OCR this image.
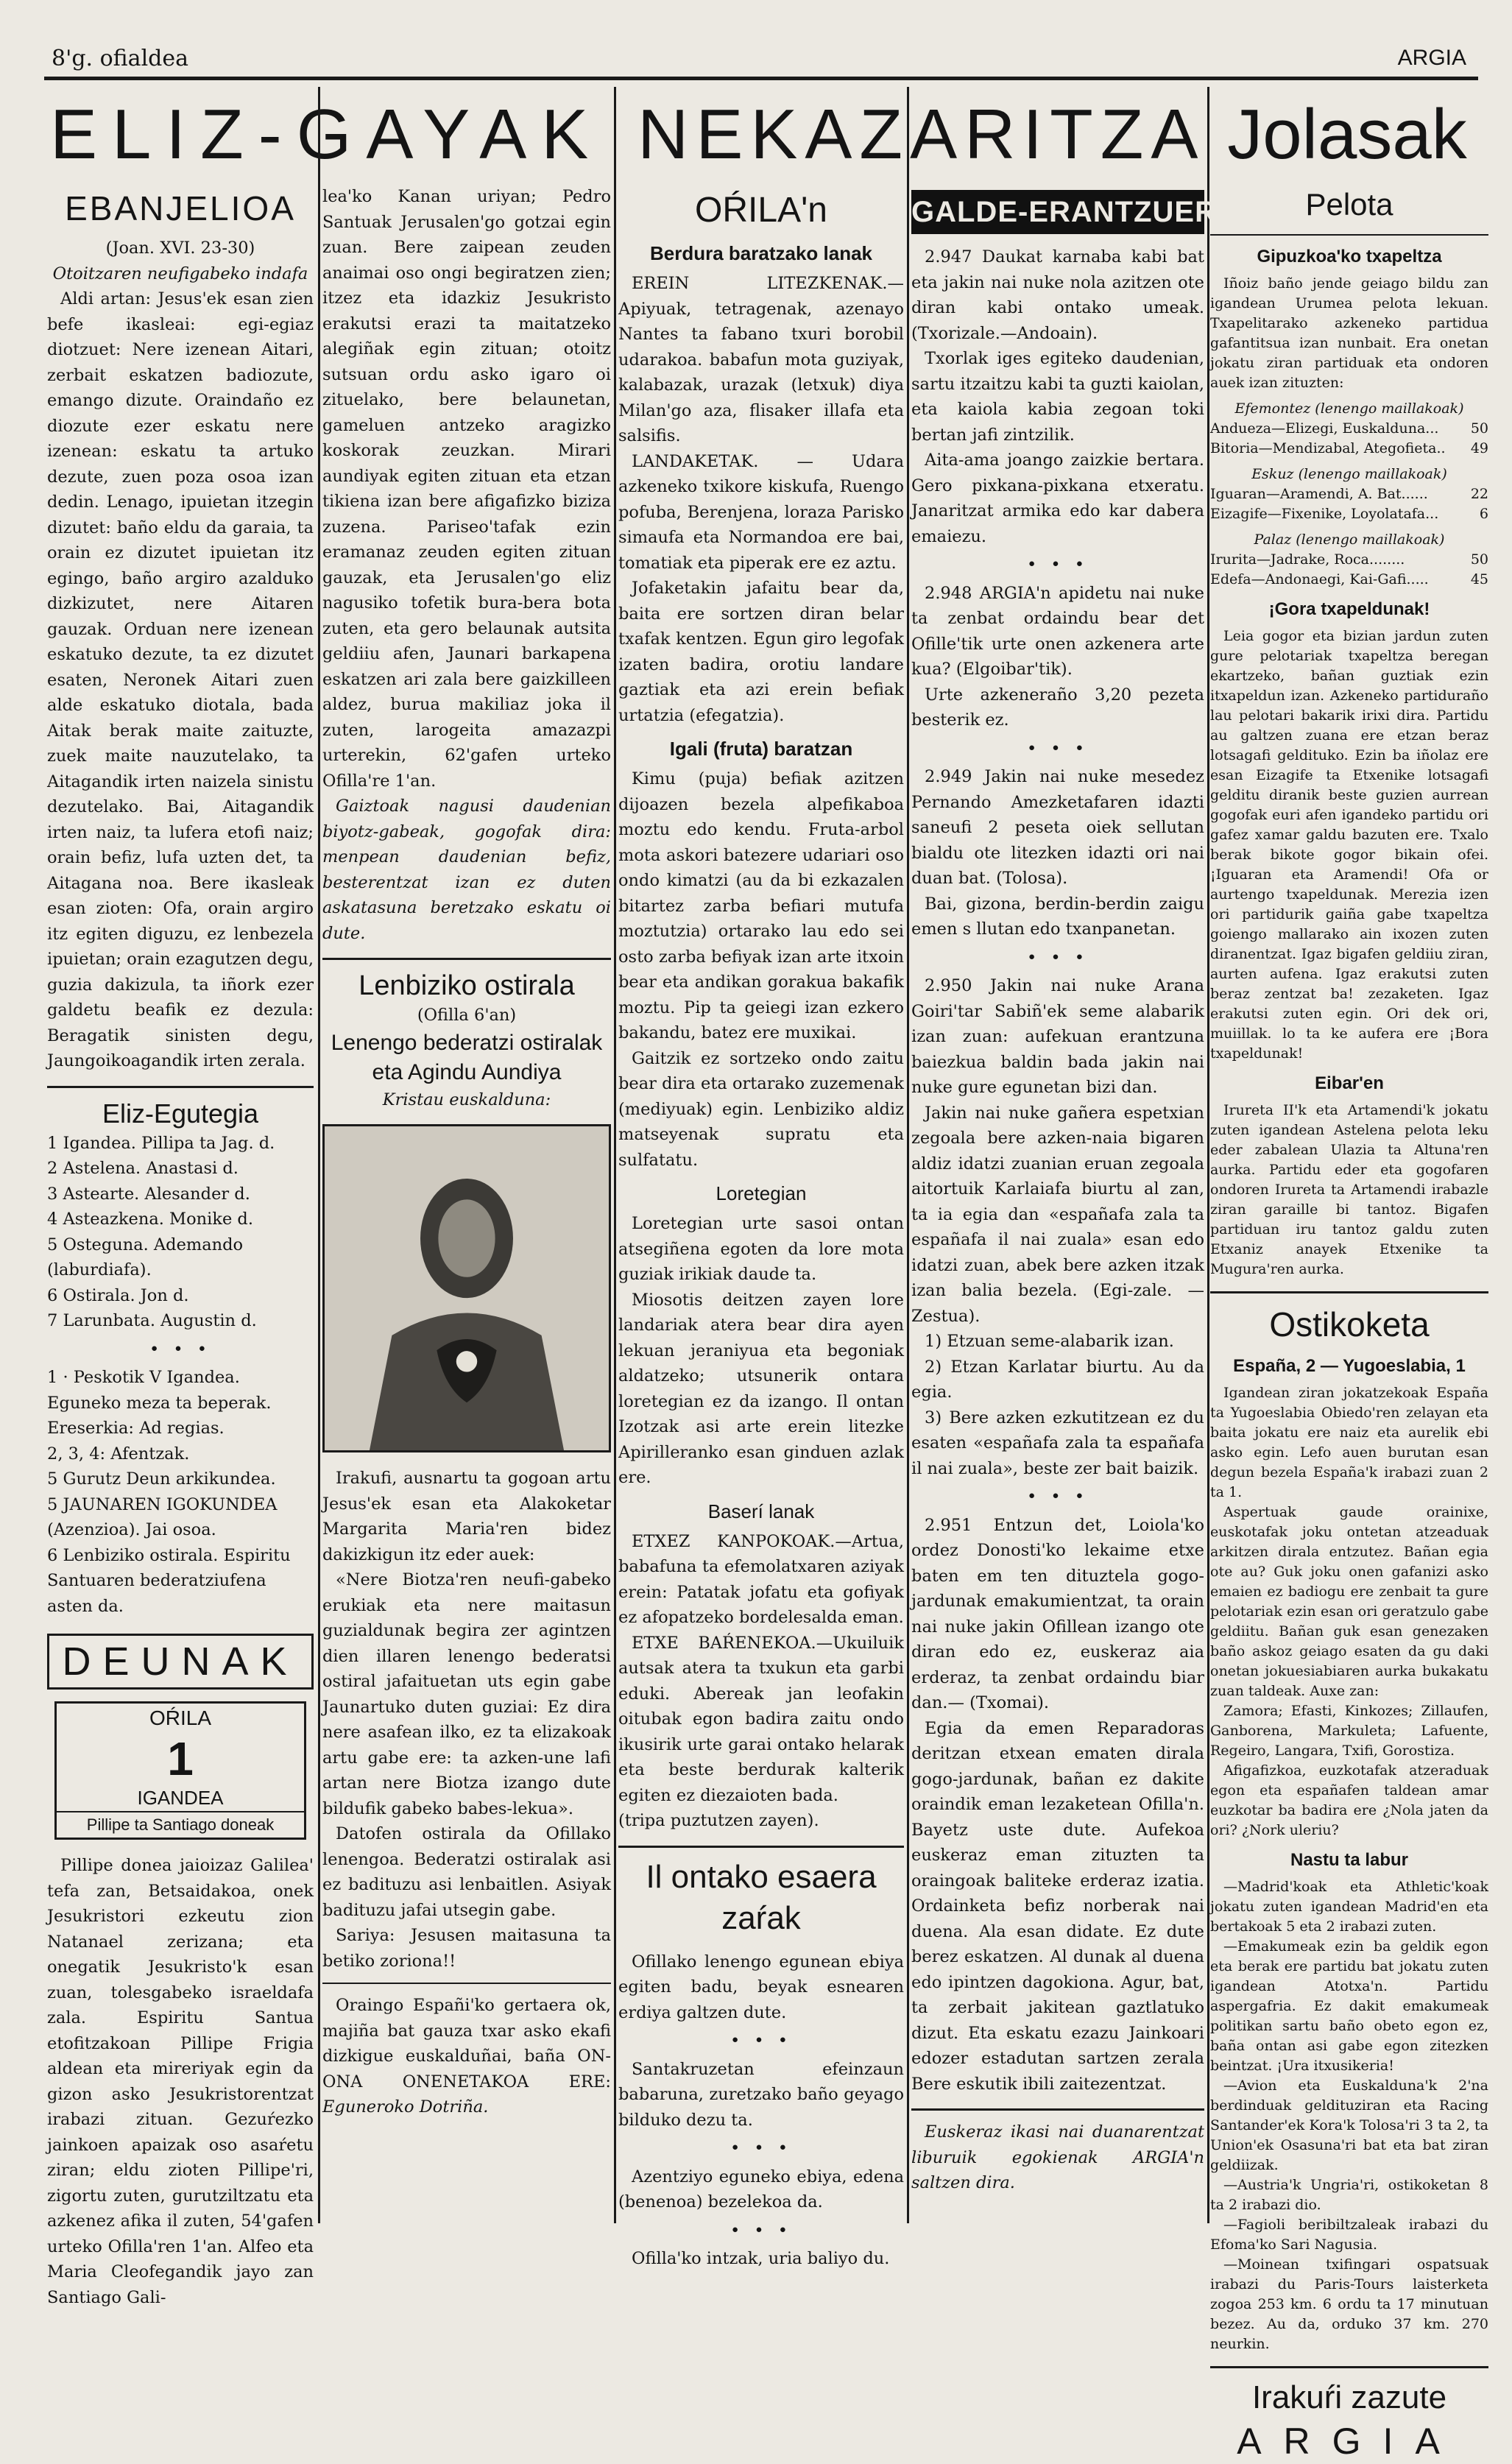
8'g. ofialdea	ARGIA
ELIZ-GAYAK NEKAZARITZA Jolasak
EBANJELIOA
(Joan. XVI. 23-30)
Otoitzaren neufigabeko indafa

Aldi artan: Jesus'ek esan zien befe ikasleai: egi-egiaz diotzuet: Nere izenean Aitari, zerbait eskatzen badiozute, emango dizute. Oraindaño ez diozute ezer eskatu nere izenean: eskatu ta artuko dezute, zuen poza osoa izan dedin. Lenago, ipuietan itzegin dizutet: baño eldu da garaia, ta orain ez dizutet ipuietan itz egingo, baño argiro azalduko dizkizutet, nere Aitaren gauzak. Orduan nere izenean eskatuko dezute, ta ez dizutet esaten, Neronek Aitari zuen alde eskatuko diotala, bada Aitak berak maite zaituzte, zuek maite nauzutelako, ta Aitagandik irten naizela sinistu dezutelako. Bai, Aitagandik irten naiz, ta lufera etofi naiz; orain befiz, lufa uzten det, ta Aitagana noa. Bere ikasleak esan zioten: Ofa, orain argiro itz egiten diguzu, ez lenbezela ipuietan; orain ezagutzen degu, guzia dakizula, ta iñork ezer galdetu beafik ez dezula: Beragatik sinisten degu, Jaungoikoagandik irten zerala.

Eliz-Egutegia
1 Igandea. Pillipa ta Jag. d.
2 Astelena. Anastasi d.
3 Astearte. Alesander d.
4 Asteazkena. Monike d.
5 Osteguna. Ademando (laburdiafa).
6 Ostirala. Jon d.
7 Larunbata. Augustin d.
• • •
1 · Peskotik V Igandea. Eguneko meza ta beperak. Ereserkia: Ad regias.
2, 3, 4: Afentzak.
5 Gurutz Deun arkikundea.
5 JAUNAREN IGOKUNDEA (Azenziоa). Jai osoa.
6 Lenbiziko ostirala. Espiritu Santuaren bederatziufena asten da.
DEUNAK
OŔILA
1
IGANDEA
Pillipe ta Santiago doneak

Pillipe donea jaioizaz Galilea' tefa zan, Betsaidakoa, onek Jesukristori ezkeutu zion Natanael zerizana; eta onegatik Jesukristo'k esan zuan, tolesgabeko israeldafa zala. Espiritu Santua etofitzakoan Pillipe Frigia aldean eta mireriyak egin da gizon asko Jesukristorentzat irabazi zituan. Gezuŕezko jainkoen apaizak oso asaŕetu ziran; eldu zioten Pillipe'ri, zigortu zuten, gurutziltzatu eta azkenez afika il zuten, 54'gafen urteko Ofilla'ren 1'an. Alfeo eta Maria Cleofegandik jayo zan Santiago Gali-

lea'ko Kanan uriyan; Pedro Santuak Jerusalen'go gotzai egin zuan. Bere zaipean zeuden anaimai oso ongi begiratzen zien; itzez eta idazkiz Jesukristo erakutsi erazi ta maitatzeko alegiñak egin zituan; otoitz sutsuan ordu asko igaro oi zituelako, bere belaunetan, gameluen antzeko aragizko koskorak zeuzkan. Mirari aundiyak egiten zituan eta etzan tikiena izan bere afigafizko biziza zuzena. Pariseo'tafak ezin eramanaz zeuden egiten zituan gauzak, eta Jerusalen'go eliz nagusiko tofetik bura-bera bota zuten, eta gero belaunak autsita geldiiu afen, Jaunari barkapena eskatzen ari zala bere gaizkilleen aldez, burua makiliaz joka il zuten, larogeita amazazpi urterekin, 62'gafen urteko Ofilla're 1'an.

Gaiztoak nagusi daudenian biyotz-gabeak, gogofak dira: menpean daudenian befiz, besterentzat izan ez duten askatasuna beretzako eskatu oi dute.

Lenbiziko ostirala
(Ofilla 6'an)
Lenengo bederatzi ostiralak eta Agindu Aundiya
Kristau euskalduna:

Irakufi, ausnartu ta gogoan artu Jesus'ek esan eta Alakoketar Margarita Maria'ren bidez dakizkigun itz eder auek:

«Nere Biotza'ren neufi-gabeko erukiak eta nere maitasun guzialdunak begira zer agintzen dien illaren lenengo bederatsi ostiral jafaituetan uts egin gabe Jaunartuko duten guziai: Ez dira nere asafean ilko, ez ta elizakoak artu gabe ere: ta azken-une lafi artan nere Biotza izango dute bildufik gabeko babes-lekua».

Datofen ostirala da Ofillako lenengoa. Bederatzi ostiralak asi ez badituzu asi lenbaitlen. Asiyak badituzu jafai utsegin gabe.

Sariya: Jesusen maitasuna ta betiko zorionа!!

Oraingo Españi'ko gertaera ok, majiña bat gauza txar asko ekafi dizkigue euskalduñai, baña ON-ONA ONENETAKOA ERE: Eguneroko Dotriña.

OŔILA'n
Berdura baratzako lanak

EREIN LITEZKENAK.—Apiyuak, tetragenak, azenayo Nantes ta fabano txuri borobil udarakoa. babafun mota guziyak, kalabazak, urazak (letxuk) diya Milan'go aza, flisaker illafa eta salsifis.

LANDAKETAK. — Udara azkeneko txikore kiskufa, Ruengo pofuba, Berenjena, loraza Pariskо simaufa eta Normandoa ere bai, tomatiak eta piperak ere ez aztu.

Jofaketakin jafaitu bear da, baita ere sortzen diran belar txafak kentzen. Egun giro legofak izaten badira, orotiu landare gaztiak eta azi erein befiak urtatzia (efegatzia).

Igali (fruta) baratzan

Kimu (puja) befiak azitzen dijoazen bezela alpefikaboa moztu edo kendu. Fruta-arbol mota askori batezere udariari oso ondo kimatzi (au da bi ezkazalen bitartez zarba befiari mutufa moztutzia) ortarako lau edo sei osto zarba befiyak izan arte itxoin bear eta andikan gorakua bakafik moztu. Pip ta geiegi izan ezkero bakandu, batez ere muxikai.

Gaitzik ez sortzeko ondo zaitu bear dira eta ortarako zuzemenak (mediyuak) egin. Lenbiziko aldiz matseyenak supratu eta sulfatatu.

Loretegian

Loretegian urte sasoi ontan atsegiñena egoten da lore mota guziak irikiak daude ta.

Miosotis deitzen zayen lore landariak atera bear dira ayen lekuan jeraniyua eta begoniak aldatzeko; utsunerik ontara loretegian ez da izango. Il ontan Izotzak asi arte erein litezke Apirilleranko esan ginduen azlak ere.

Baserí lanak

ETXEZ KANPOKOAK.—Artua, babafuna ta efemolatxaren aziyak erein: Patatak jofatu eta gofiyak ez afopatzeko bordelesalda eman.

ETXE BAŔENEKOA.—Ukuiluik autsak atera ta txukun eta garbi eduki. Abereak jan leofakin oitubak egon badira zaitu ondo ikusirik urte garai ontako helarak eta beste berdurak kalterik egiten ez diezaioten bada.

(tripa puztutzen zayen).

Il ontako esaera zaŕak

Ofillako lenengo egunean ebiya egiten badu, beyak esnearen erdiya galtzen dute.

• • •

Santakruzetan efeinzaun babaruna, zuretzako baño geyago bilduko dezu ta.

• • •

Azentziyo eguneko ebiya, edena (benenoa) bezelekoa da.

• • •

Ofilla'ko intzak, uria baliyo du.

GALDE-ERANTZUERAK

2.947 Daukat karnaba kabi bat eta jakin nai nuke nola azitzen ote diran kabi ontako umeak. (Txorizale.—Andoain).

Txorlak iges egiteko daudenian, sartu itzaitzu kabi ta guzti kaiolan, eta kaiola kabia zegoan toki bertan jafi zintzilik.

Aita-ama joango zaizkie bertara. Gero pixkana-pixkana etxeratu. Janaritzat armika edo kar dabera emaiezu.

• • •

2.948 ARGIA'n apidetu nai nuke ta zenbat ordaindu bear det Ofille'tik urte onen azkenera arte kua? (Elgoibar'tik).

Urte azkeneraño 3,20 pezeta besterik ez.

• • •

2.949 Jakin nai nuke mesedez Pernando Amezketafaren idazti saneufi 2 peseta oiek sellutan bialdu ote litezken idazti ori nai duan bat. (Tolosa).

Bai, gizona, berdin-berdin zaigu emen s llutan edo txanpanetan.

• • •

2.950 Jakin nai nuke Arana Goiri'tar Sabiñ'ek seme alabarik izan zuan: aufekuan erantzuna baiezkua baldin bada jakin nai nuke gure egunetan bizi dan.

Jakin nai nuke gañera espetxian zegoala bere azken-naia bigaren aldiz idatzi zuanian eruan zegoala aitortuik Karlaiafa biurtu al zan, ta ia egia dan «españafa zala ta españafa il nai zuala» esan edo idatzi zuan, abek bere azken itzak izan balia bezela. (Egi-zale. — Zestua).

1) Etzuan seme-alabarik izan.

2) Etzan Karlatar biurtu. Au da egia.

3) Bere azken ezkutitzean ez du esaten «españafa zala ta españafa il nai zuala», beste zer bait baizik.

• • •

2.951 Entzun det, Loiola'ko ordez Donosti'ko lekaime etxe baten em ten dituztela gogo-jardunak emakumientzat, ta orain nai nuke jakin Ofillean izango ote diran edo ez, euskeraz aia erderaz, ta zenbat ordaindu biar dan.— (Txomai).

Egia da emen Reparadoras deritzan etxean ematen dirala gogo-jardunak, bañan ez dakite oraindik eman lezaketean Ofilla'n. Bayetz uste dute. Aufekoa euskeraz eman zituzten ta oraingoak baliteke erderaz izatia. Ordainketa befiz norberak nai duena. Ala esan didate. Ez dute berez eskatzen. Al dunak al duena edo ipintzen dagokiona. Agur, bat, ta zerbait jakitean gaztlatuko dizut. Eta eskatu ezazu Jainkoari edozer estadutan sartzen zerala Bere eskutik ibili zaitezentzat.

Euskeraz ikasi nai duanarentzat liburuik egokienak ARGIA'n saltzen dira.

Pelota
Gipuzkoa'ko txapeltza

Iñoiz baño jende geiago bildu zan igandean Urumea pelota lekuan. Txapelitarako azkeneko partidua gafantitsua izan nunbait. Era onetan jokatu ziran partiduak eta ondoren auek izan zituzten:

Efemontez (lenengo maillakoak)
Andueza—Elizegi, Euskalduna...	50
Bitoria—Mendizabal, Ategofieta..	49
Eskuz (lenengo maillakoak)
Iguaran—Aramendi, A. Bat......	22
Eizagife—Fixenike, Loyolatafa...	6
Palaz (lenengo maillakoak)
Irurita—Jadrake, Roca........	50
Edefa—Andonaegi, Kai-Gafi.....	45
¡Gora txapeldunak!

Leia gogor eta bizian jardun zuten gure pelotariak txapeltza beregan ekartzeko, bañan guztiak ezin itxapeldun izan. Azkeneko partiduraño lau pelotari bakarik irixi dira. Partidu au galtzen zuana ere etzan beraz lotsagafi geldituko. Ezin ba iñolaz ere esan Eizagife ta Etxenike lotsagafi gelditu diranik beste guzien aurrean gogofak euri afen igandeko partidu ori gafez xamar galdu bazuten ere. Txalo berak bikote gogor bikain ofei. ¡Iguaran eta Aramendi! Ofa or aurtengo txapeldunak. Merezia izen ori partidurik gaiña gabe txapeltza goiengo mallarako ain ixozen zuten diranentzat. Igaz bigafen geldiiu ziran, aurten aufena. Igaz erakutsi zuten beraz zentzat ba! zezaketen. Igaz erakutsi zuten egin. Ori dek ori, muiillak. lo ta ke aufera ere ¡Bora txapeldunak!

Eibar'en

Irureta II'k eta Artamendi'k jokatu zuten igandean Astelena pelota leku eder zabalean Ulazia ta Altuna'ren aurka. Partidu eder eta gogofaren ondoren Irureta ta Artamendi irabazle ziran garaille bi tantoz. Bigafen partiduan iru tantoz galdu zuten Etxaniz anayek Etxenike ta Mugura'ren aurka.

Ostikoketa
España, 2 — Yugoeslabia, 1

Igandean ziran jokatzekoak España ta Yugoeslabia Obiedo'ren zelayan eta baita jokatu ere naiz eta aurelik ebi asko egin. Lefo auen burutan esan degun bezela España'k irabazi zuan 2 ta 1.

Aspertuak gaude orainixe, euskotafak joku ontetan atzeaduak arkitzen dirala entzutez. Bañan egia ote au? Guk joku onen gafanizi asko emaien ez badiogu ere zenbait ta gure pelotariak ezin esan ori geratzulo gabe geldiitu. Bañan guk esan genezaken baño askoz geiago esaten da gu daki onetan jokuesiabiaren aurka bukakatu zuan taldeak. Auxe zan:

Zamora; Efasti, Kinkozes; Zillaufen, Ganborena, Markuleta; Lafuente, Regeiro, Langara, Txifi, Gorostiza.

Afigafizkoa, euzkotafak atzeraduak egon eta españafen taldean amar euzkotar ba badira ere ¿Nola jaten da ori? ¿Nork uleriu?

Nastu ta labur

—Madrid'koak eta Athletic'koak jokatu zuten igandean Madrid'en eta bertakoak 5 eta 2 irabazi zuten.

—Emakumeak ezin ba geldik egon eta berak ere partidu bat jokatu zuten igandean Atotxa'n. Partidu aspergafria. Ez dakit emakumeak politikan sartu baño obeto egon ez, baña ontan asi gabe egon zitezken beintzat. ¡Ura itxusikeria!

—Avion eta Euskalduna'k 2'na berdinduak geldituziran eta Racing Santander'ek Kora'k Tolosa'ri 3 ta 2, ta Union'ek Osasuna'ri bat eta bat ziran geldiizak.

—Austria'k Ungria'ri, ostikoketan 8 ta 2 irabazi dio.

—Fagioli beribiltzaleak irabazi du Efoma'ko Sari Nagusia.

—Moinean txifingari ospatsuak irabazi du Paris-Tours laisterketa zogoa 253 km. 6 ordu ta 17 minutuan bezez. Au da, orduko 37 km. 270 neurkin.

Irakuŕi zazute
ARGIA
